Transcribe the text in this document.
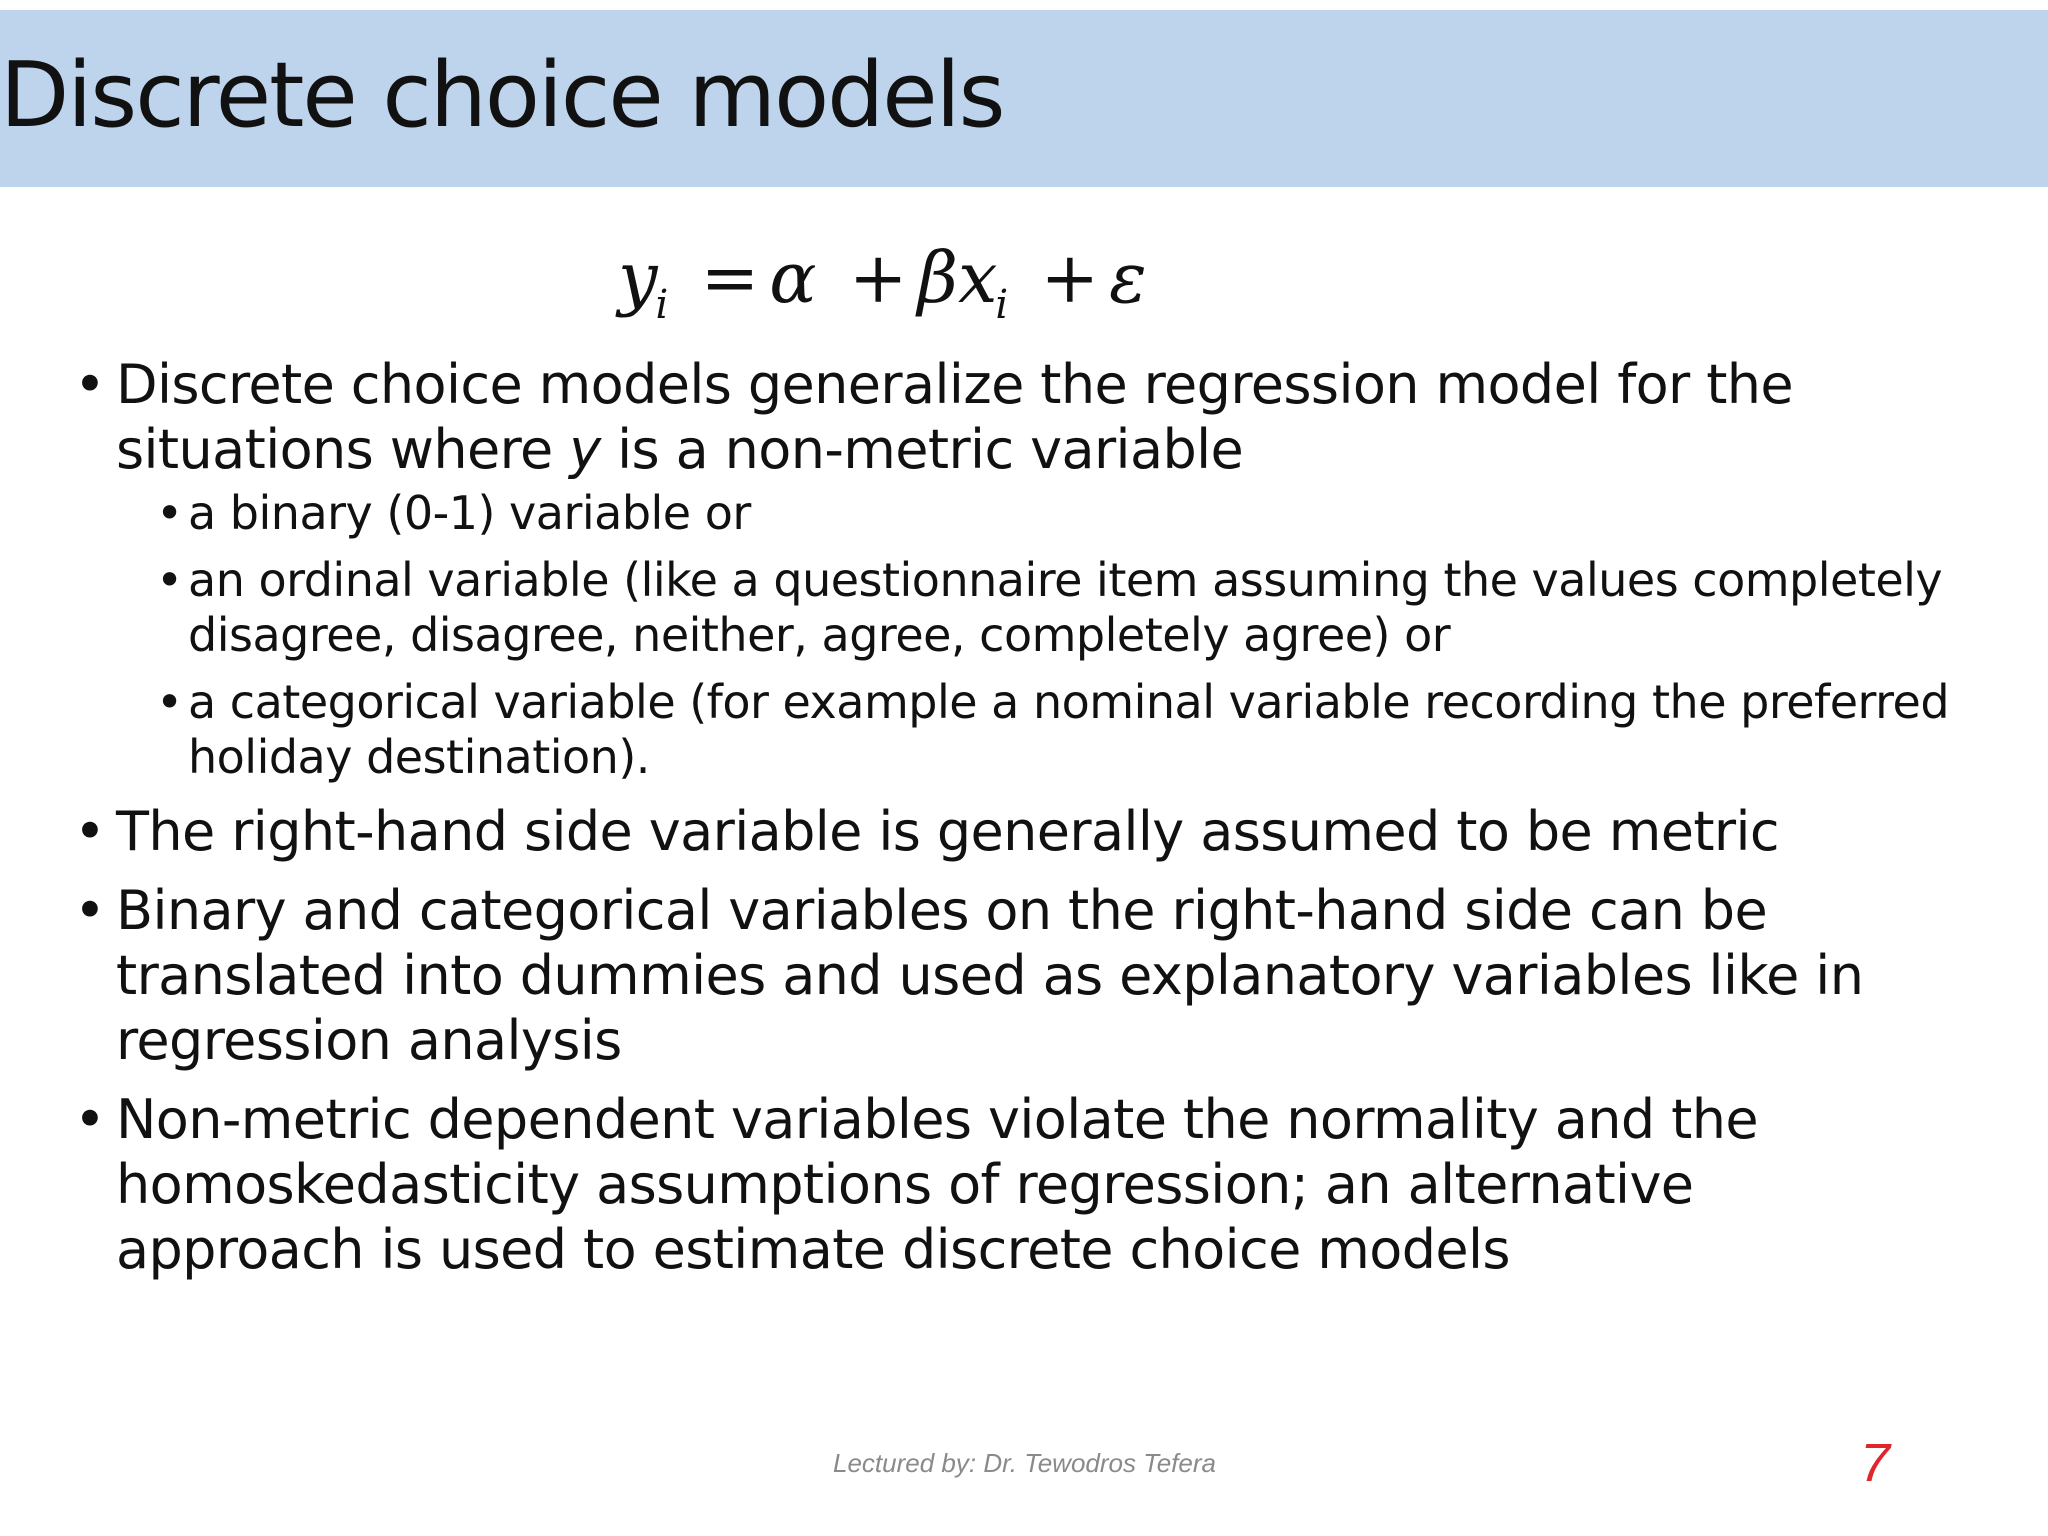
Discrete choice models
$y_i = \alpha + \beta x_i + \varepsilon$
• Discrete choice models generalize the regression model for the
situations where y is a non-metric variable
• a binary (0-1) variable or
• an ordinal variable (like a questionnaire item assuming the values completely
disagree, disagree, neither, agree, completely agree) or
• a categorical variable (for example a nominal variable recording the preferred
holiday destination).
• The right-hand side variable is generally assumed to be metric
• Binary and categorical variables on the right-hand side can be
translated into dummies and used as explanatory variables like in
regression analysis
• Non-metric dependent variables violate the normality and the
homoskedasticity assumptions of regression; an alternative
approach is used to estimate discrete choice models
Lectured by: Dr. Tewodros Tefera	7
